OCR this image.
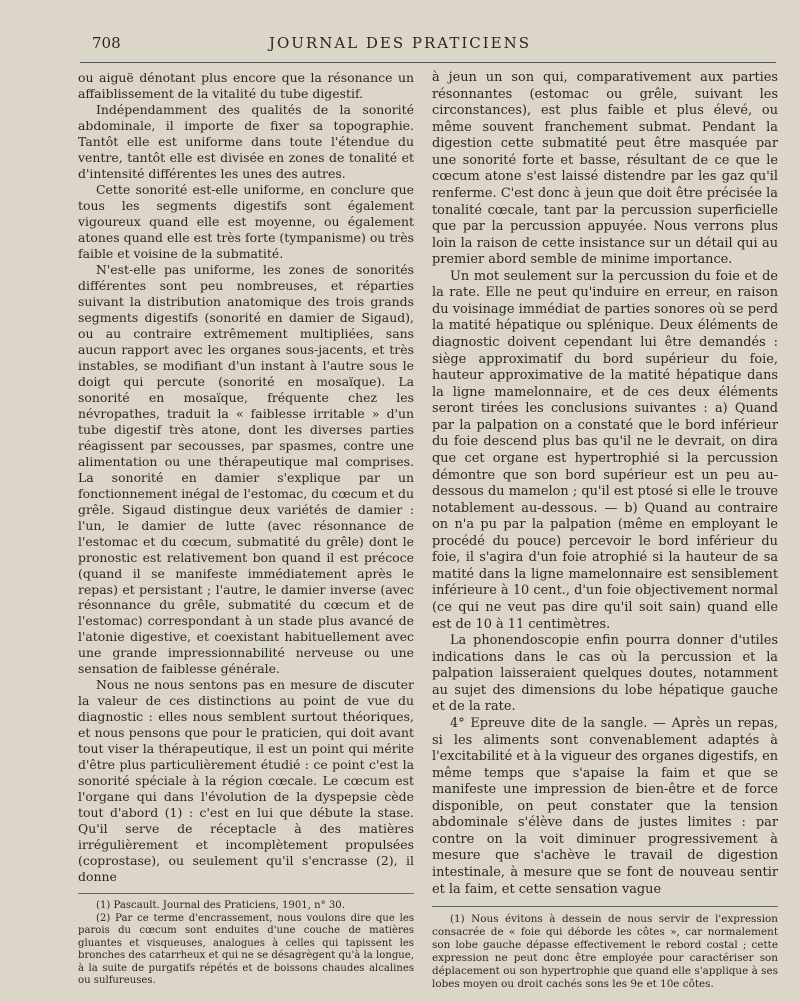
708	JOURNAL DES PRATICIENS

ou aiguë dénotant plus encore que la résonance un affaiblissement de la vitalité du tube digestif.

Indépendamment des qualités de la sonorité abdominale, il importe de fixer sa topographie. Tantôt elle est uniforme dans toute l'étendue du ventre, tantôt elle est divisée en zones de tonalité et d'intensité différentes les unes des autres.

Cette sonorité est-elle uniforme, en conclure que tous les segments digestifs sont également vigoureux quand elle est moyenne, ou également atones quand elle est très forte (tympanisme) ou très faible et voisine de la submatité.

N'est-elle pas uniforme, les zones de sonorités différentes sont peu nombreuses, et réparties suivant la distribution anatomique des trois grands segments digestifs (sonorité en damier de Sigaud), ou au contraire extrêmement multipliées, sans aucun rapport avec les organes sous-jacents, et très instables, se modifiant d'un instant à l'autre sous le doigt qui percute (sonorité en mosaïque). La sonorité en mosaïque, fréquente chez les névropathes, traduit la « faiblesse irritable » d'un tube digestif très atone, dont les diverses parties réagissent par secousses, par spasmes, contre une alimentation ou une thérapeutique mal comprises. La sonorité en damier s'explique par un fonctionnement inégal de l'estomac, du cœcum et du grêle. Sigaud distingue deux variétés de damier : l'un, le damier de lutte (avec résonnance de l'estomac et du cœcum, submatité du grêle) dont le pronostic est relativement bon quand il est précoce (quand il se manifeste immédiatement après le repas) et persistant ; l'autre, le damier inverse (avec résonnance du grêle, submatité du cœcum et de l'estomac) correspondant à un stade plus avancé de l'atonie digestive, et coexistant habituellement avec une grande impressionnabilité nerveuse ou une sensation de faiblesse générale.

Nous ne nous sentons pas en mesure de discuter la valeur de ces distinctions au point de vue du diagnostic : elles nous semblent surtout théoriques, et nous pensons que pour le praticien, qui doit avant tout viser la thérapeutique, il est un point qui mérite d'être plus particulièrement étudié : ce point c'est la sonorité spéciale à la région cœcale. Le cœcum est l'organe qui dans l'évolution de la dyspepsie cède tout d'abord (1) : c'est en lui que débute la stase. Qu'il serve de réceptacle à des matières irrégulièrement et incomplètement propulsées (coprostase), ou seulement qu'il s'encrasse (2), il donne

(1) Pascault. Journal des Praticiens, 1901, n° 30.

(2) Par ce terme d'encrassement, nous voulons dire que les parois du cœcum sont enduites d'une couche de matières gluantes et visqueuses, analogues à celles qui tapissent les bronches des catarrheux et qui ne se désagrègent qu'à la longue, à la suite de purgatifs répétés et de boissons chaudes alcalines ou sulfureuses.

à jeun un son qui, comparativement aux parties résonnantes (estomac ou grêle, suivant les circonstances), est plus faible et plus élevé, ou même souvent franchement submat. Pendant la digestion cette submatité peut être masquée par une sonorité forte et basse, résultant de ce que le cœcum atone s'est laissé distendre par les gaz qu'il renferme. C'est donc à jeun que doit être précisée la tonalité cœcale, tant par la percussion superficielle que par la percussion appuyée. Nous verrons plus loin la raison de cette insistance sur un détail qui au premier abord semble de minime importance.

Un mot seulement sur la percussion du foie et de la rate. Elle ne peut qu'induire en erreur, en raison du voisinage immédiat de parties sonores où se perd la matité hépatique ou splénique. Deux éléments de diagnostic doivent cependant lui être demandés : siège approximatif du bord supérieur du foie, hauteur approximative de la matité hépatique dans la ligne mamelonnaire, et de ces deux éléments seront tirées les conclusions suivantes : a) Quand par la palpation on a constaté que le bord inférieur du foie descend plus bas qu'il ne le devrait, on dira que cet organe est hypertrophié si la percussion démontre que son bord supérieur est un peu au-dessous du mamelon ; qu'il est ptosé si elle le trouve notablement au-dessous. — b) Quand au contraire on n'a pu par la palpation (même en employant le procédé du pouce) percevoir le bord inférieur du foie, il s'agira d'un foie atrophié si la hauteur de sa matité dans la ligne mamelonnaire est sensiblement inférieure à 10 cent., d'un foie objectivement normal (ce qui ne veut pas dire qu'il soit sain) quand elle est de 10 à 11 centimètres.

La phonendoscopie enfin pourra donner d'utiles indications dans le cas où la percussion et la palpation laisseraient quelques doutes, notamment au sujet des dimensions du lobe hépatique gauche et de la rate.

4° Epreuve dite de la sangle. — Après un repas, si les aliments sont convenablement adaptés à l'excitabilité et à la vigueur des organes digestifs, en même temps que s'apaise la faim et que se manifeste une impression de bien-être et de force disponible, on peut constater que la tension abdominale s'élève dans de justes limites : par contre on la voit diminuer progressivement à mesure que s'achève le travail de digestion intestinale, à mesure que se font de nouveau sentir et la faim, et cette sensation vague

(1) Nous évitons à dessein de nous servir de l'expression consacrée de « foie qui déborde les côtes », car normalement son lobe gauche dépasse effectivement le rebord costal ; cette expression ne peut donc être employée pour caractériser son déplacement ou son hypertrophie que quand elle s'applique à ses lobes moyen ou droit cachés sons les 9e et 10e côtes.
